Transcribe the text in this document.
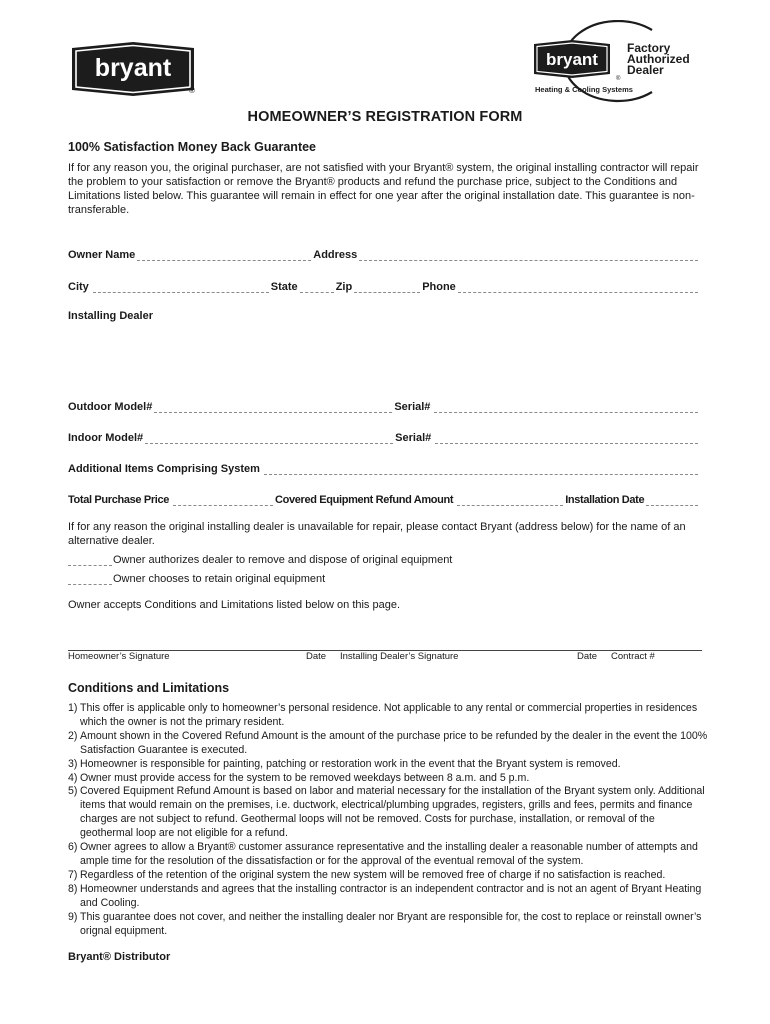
bryant
®
bryant
®
Heating & Cooling Systems
Factory
Authorized
Dealer
HOMEOWNER’S REGISTRATION FORM
100% Satisfaction Money Back Guarantee
If for any reason you, the original purchaser, are not satisfied with your Bryant® system, the original installing contractor will repair the problem to your satisfaction or remove the Bryant® products and refund the purchase price, subject to the Conditions and Limitations listed below. This guarantee will remain in effect for one year after the original installation date. This guarantee is non-transferable.
Owner Name	Address
City	State	Zip	Phone
Installing Dealer
Outdoor Model#	Serial#
Indoor Model#	Serial#
Additional Items Comprising System
Total Purchase Price	Covered Equipment Refund Amount	Installation Date
If for any reason the original installing dealer is unavailable for repair, please contact Bryant (address below) for the name of an alternative dealer.
Owner authorizes dealer to remove and dispose of original equipment
Owner chooses to retain original equipment
Owner accepts Conditions and Limitations listed below on this page.
Homeowner’s Signature	Date Installing Dealer’s Signature	Date Contract #
Conditions and Limitations
1) This offer is applicable only to homeowner’s personal residence. Not applicable to any rental or commercial properties in residences which the owner is not the primary resident.
2) Amount shown in the Covered Refund Amount is the amount of the purchase price to be refunded by the dealer in the event the 100% Satisfaction Guarantee is executed.
3) Homeowner is responsible for painting, patching or restoration work in the event that the Bryant system is removed.
4) Owner must provide access for the system to be removed weekdays between 8 a.m. and 5 p.m.
5) Covered Equipment Refund Amount is based on labor and material necessary for the installation of the Bryant system only. Additional items that would remain on the premises, i.e. ductwork, electrical/plumbing upgrades, registers, grills and fees, permits and finance charges are not subject to refund. Geothermal loops will not be removed. Costs for purchase, installation, or removal of the geothermal loop are not eligible for a refund.
6) Owner agrees to allow a Bryant® customer assurance representative and the installing dealer a reasonable number of attempts and ample time for the resolution of the dissatisfaction or for the approval of the eventual removal of the system.
7) Regardless of the retention of the original system the new system will be removed free of charge if no satisfaction is reached.
8) Homeowner understands and agrees that the installing contractor is an independent contractor and is not an agent of Bryant Heating and Cooling.
9) This guarantee does not cover, and neither the installing dealer nor Bryant are responsible for, the cost to replace or reinstall owner’s orignal equipment.
Bryant® Distributor
